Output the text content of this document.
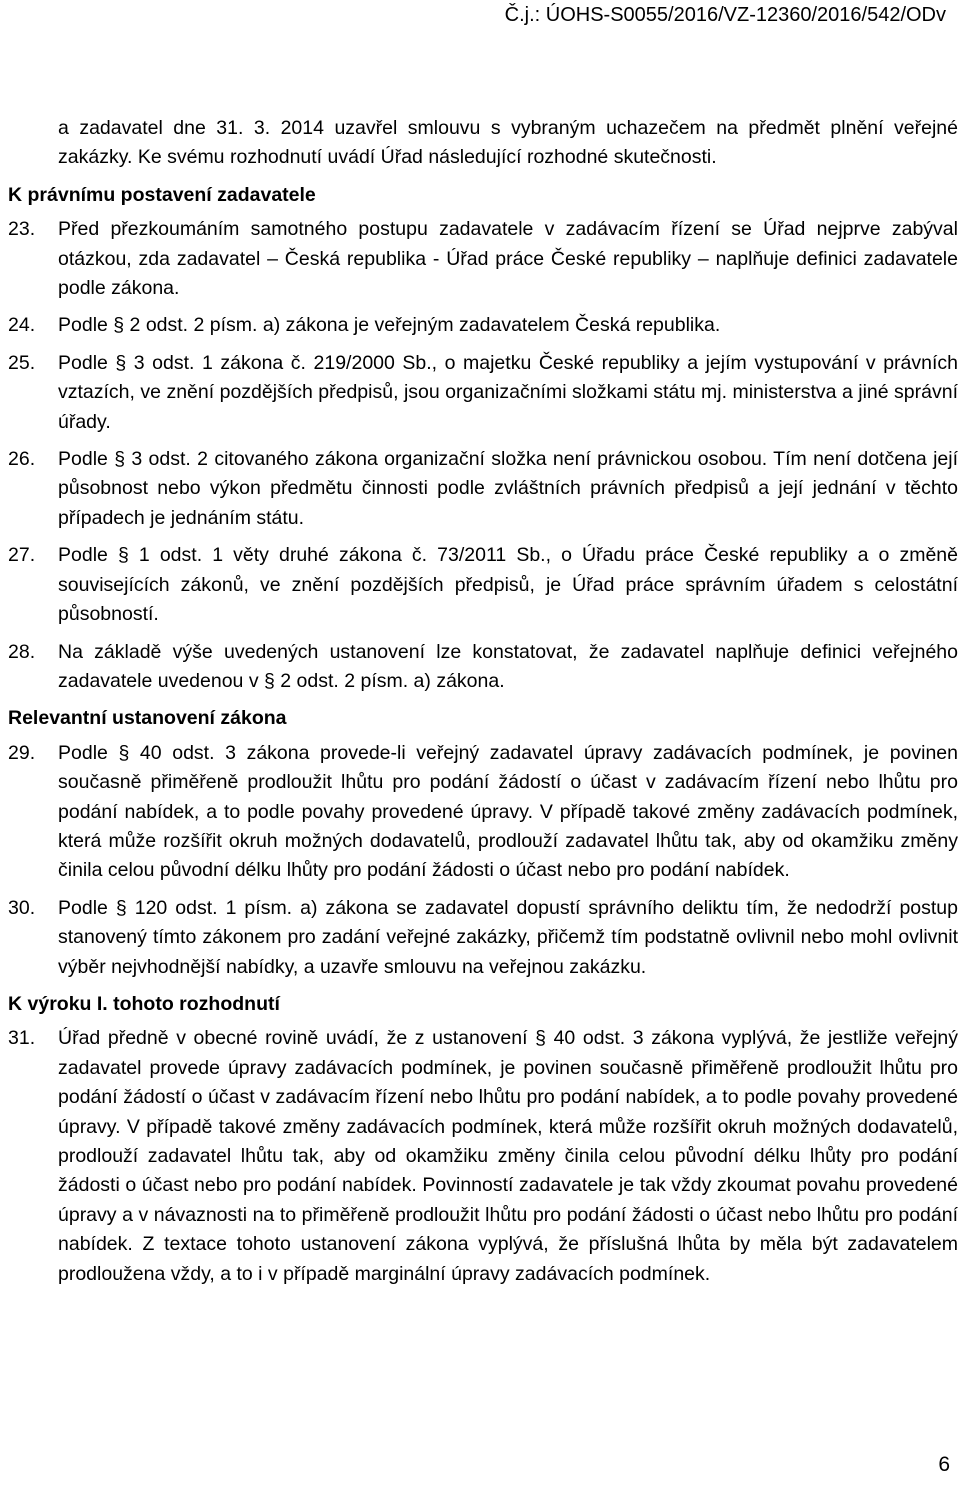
Č.j.: ÚOHS-S0055/2016/VZ-12360/2016/542/ODv

a zadavatel dne 31. 3. 2014 uzavřel smlouvu s vybraným uchazečem na předmět plnění veřejné zakázky. Ke svému rozhodnutí uvádí Úřad následující rozhodné skutečnosti.

K právnímu postavení zadavatele
23. Před přezkoumáním samotného postupu zadavatele v zadávacím řízení se Úřad nejprve zabýval otázkou, zda zadavatel – Česká republika - Úřad práce České republiky – naplňuje definici zadavatele podle zákona.
24. Podle § 2 odst. 2 písm. a) zákona je veřejným zadavatelem Česká republika.
25. Podle § 3 odst. 1 zákona č. 219/2000 Sb., o majetku České republiky a jejím vystupování v právních vztazích, ve znění pozdějších předpisů, jsou organizačními složkami státu mj. ministerstva a jiné správní úřady.
26. Podle § 3 odst. 2 citovaného zákona organizační složka není právnickou osobou. Tím není dotčena její působnost nebo výkon předmětu činnosti podle zvláštních právních předpisů a její jednání v těchto případech je jednáním státu.
27. Podle § 1 odst. 1 věty druhé zákona č. 73/2011 Sb., o Úřadu práce České republiky a o změně souvisejících zákonů, ve znění pozdějších předpisů, je Úřad práce správním úřadem s celostátní působností.
28. Na základě výše uvedených ustanovení lze konstatovat, že zadavatel naplňuje definici veřejného zadavatele uvedenou v § 2 odst. 2 písm. a) zákona.
Relevantní ustanovení zákona
29. Podle § 40 odst. 3 zákona provede-li veřejný zadavatel úpravy zadávacích podmínek, je povinen současně přiměřeně prodloužit lhůtu pro podání žádostí o účast v zadávacím řízení nebo lhůtu pro podání nabídek, a to podle povahy provedené úpravy. V případě takové změny zadávacích podmínek, která může rozšířit okruh možných dodavatelů, prodlouží zadavatel lhůtu tak, aby od okamžiku změny činila celou původní délku lhůty pro podání žádosti o účast nebo pro podání nabídek.
30. Podle § 120 odst. 1 písm. a) zákona se zadavatel dopustí správního deliktu tím, že nedodrží postup stanovený tímto zákonem pro zadání veřejné zakázky, přičemž tím podstatně ovlivnil nebo mohl ovlivnit výběr nejvhodnější nabídky, a uzavře smlouvu na veřejnou zakázku.
K výroku I. tohoto rozhodnutí
31. Úřad předně v obecné rovině uvádí, že z ustanovení § 40 odst. 3 zákona vyplývá, že jestliže veřejný zadavatel provede úpravy zadávacích podmínek, je povinen současně přiměřeně prodloužit lhůtu pro podání žádostí o účast v zadávacím řízení nebo lhůtu pro podání nabídek, a to podle povahy provedené úpravy. V případě takové změny zadávacích podmínek, která může rozšířit okruh možných dodavatelů, prodlouží zadavatel lhůtu tak, aby od okamžiku změny činila celou původní délku lhůty pro podání žádosti o účast nebo pro podání nabídek. Povinností zadavatele je tak vždy zkoumat povahu provedené úpravy a v návaznosti na to přiměřeně prodloužit lhůtu pro podání žádosti o účast nebo lhůtu pro podání nabídek. Z textace tohoto ustanovení zákona vyplývá, že příslušná lhůta by měla být zadavatelem prodloužena vždy, a to i v případě marginální úpravy zadávacích podmínek.
6
